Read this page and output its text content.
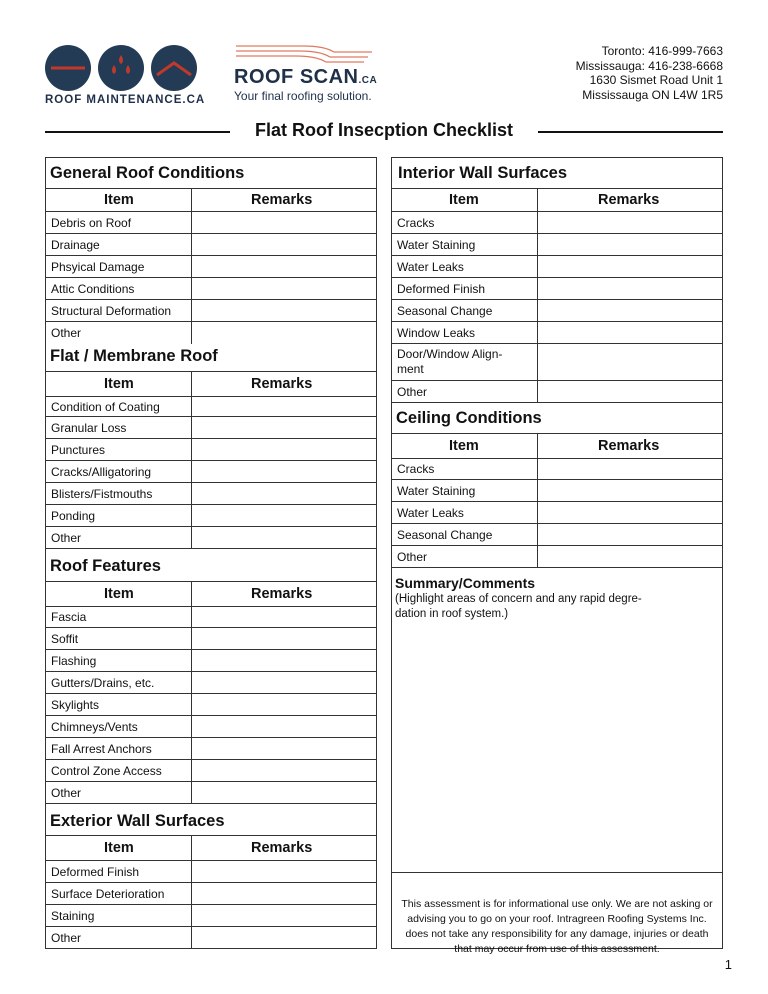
ROOF MAINTENANCE.CA
ROOF SCAN.CA
Your final roofing solution.
Toronto: 416-999-7663
Mississauga: 416-238-6668
1630 Sismet Road Unit 1
Mississauga ON L4W 1R5
Flat Roof Insecption Checklist
General Roof Conditions
Item	Remarks
Debris on Roof
Drainage
Phsyical Damage
Attic Conditions
Structural Deformation
Other
Flat / Membrane Roof
Item	Remarks
Condition of Coating
Granular Loss
Punctures
Cracks/Alligatoring
Blisters/Fistmouths
Ponding
Other
Roof Features
Item	Remarks
Fascia
Soffit
Flashing
Gutters/Drains, etc.
Skylights
Chimneys/Vents
Fall Arrest Anchors
Control Zone Access
Other
Exterior Wall Surfaces
Item	Remarks
Deformed Finish
Surface Deterioration
Staining
Other
Interior Wall Surfaces
Item	Remarks
Cracks
Water Staining
Water Leaks
Deformed Finish
Seasonal Change
Window Leaks
Door/Window Align-
ment
Other
Ceiling Conditions
Item	Remarks
Cracks
Water Staining
Water Leaks
Seasonal Change
Other
Summary/Comments
(Highlight areas of concern and any rapid degre-
dation in roof system.)
This assessment is for informational use only. We are not asking or advising you to go on your roof. Intragreen Roofing Systems Inc. does not take any responsibility for any damage, injuries or death that may occur from use of this assessment.
1
